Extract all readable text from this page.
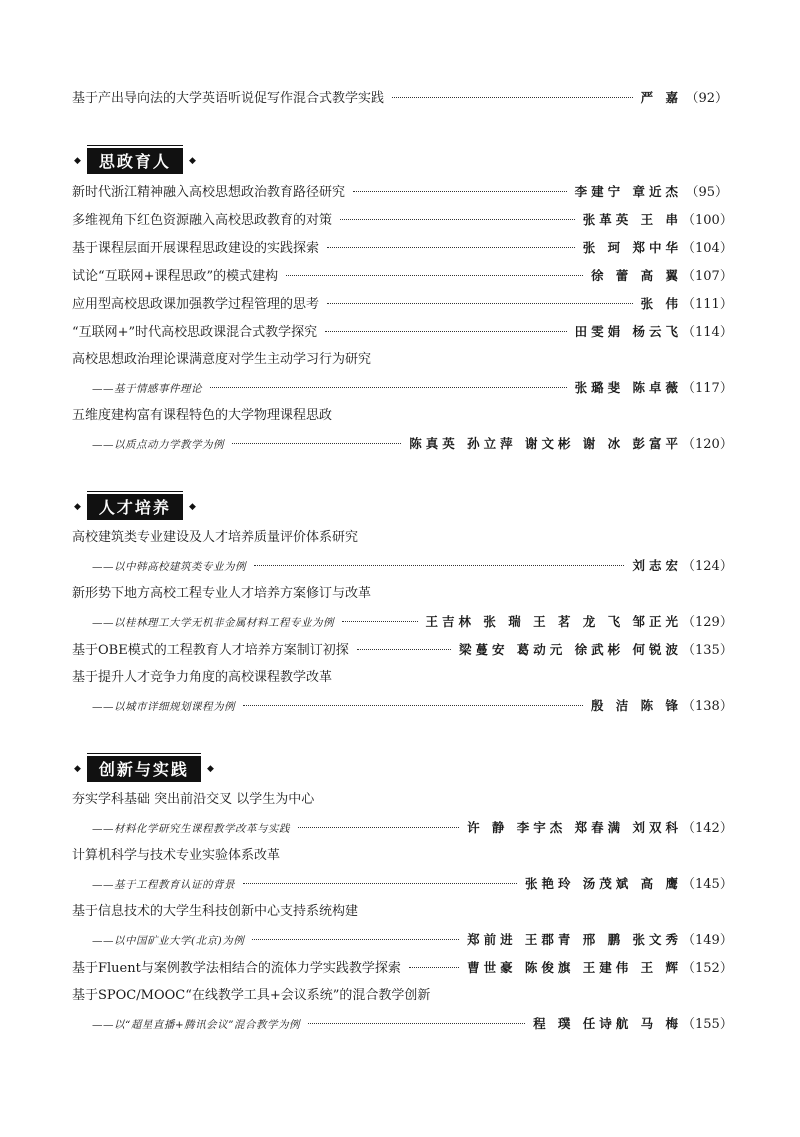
基于产出导向法的大学英语听说促写作混合式教学实践	严 嘉 （92）
◆	思政育人	◆
新时代浙江精神融入高校思想政治教育路径研究	李建宁 章近杰 （95）
多维视角下红色资源融入高校思政教育的对策	张革英 王 串 （100）
基于课程层面开展课程思政建设的实践探索	张 珂 郑中华 （104）
试论“互联网+课程思政”的模式建构	徐 蕾 高 翼 （107）
应用型高校思政课加强教学过程管理的思考	张 伟 （111）
“互联网+”时代高校思政课混合式教学探究	田雯娟 杨云飞 （114）
高校思想政治理论课满意度对学生主动学习行为研究
——基于情感事件理论	张璐斐 陈卓薇 （117）
五维度建构富有课程特色的大学物理课程思政
——以质点动力学教学为例	陈真英 孙立萍 谢文彬 谢 冰 彭富平 （120）
◆	人才培养	◆
高校建筑类专业建设及人才培养质量评价体系研究
——以中韩高校建筑类专业为例	刘志宏 （124）
新形势下地方高校工程专业人才培养方案修订与改革
——以桂林理工大学无机非金属材料工程专业为例	王吉林 张 瑞 王 茗 龙 飞 邹正光 （129）
基于OBE模式的工程教育人才培养方案制订初探	梁蔓安 葛动元 徐武彬 何锐波 （135）
基于提升人才竞争力角度的高校课程教学改革
——以城市详细规划课程为例	殷 洁 陈 锋 （138）
◆	创新与实践	◆
夯实学科基础 突出前沿交叉 以学生为中心
——材料化学研究生课程教学改革与实践	许 静 李宇杰 郑春满 刘双科 （142）
计算机科学与技术专业实验体系改革
——基于工程教育认证的背景	张艳玲 汤茂斌 高 鹰 （145）
基于信息技术的大学生科技创新中心支持系统构建
——以中国矿业大学(北京)为例	郑前进 王郡青 邢 鹏 张文秀 （149）
基于Fluent与案例教学法相结合的流体力学实践教学探索	曹世豪 陈俊旗 王建伟 王 辉 （152）
基于SPOC/MOOC“在线教学工具+会议系统”的混合教学创新
——以“超星直播+腾讯会议”混合教学为例	程 璞 任诗航 马 梅 （155）
